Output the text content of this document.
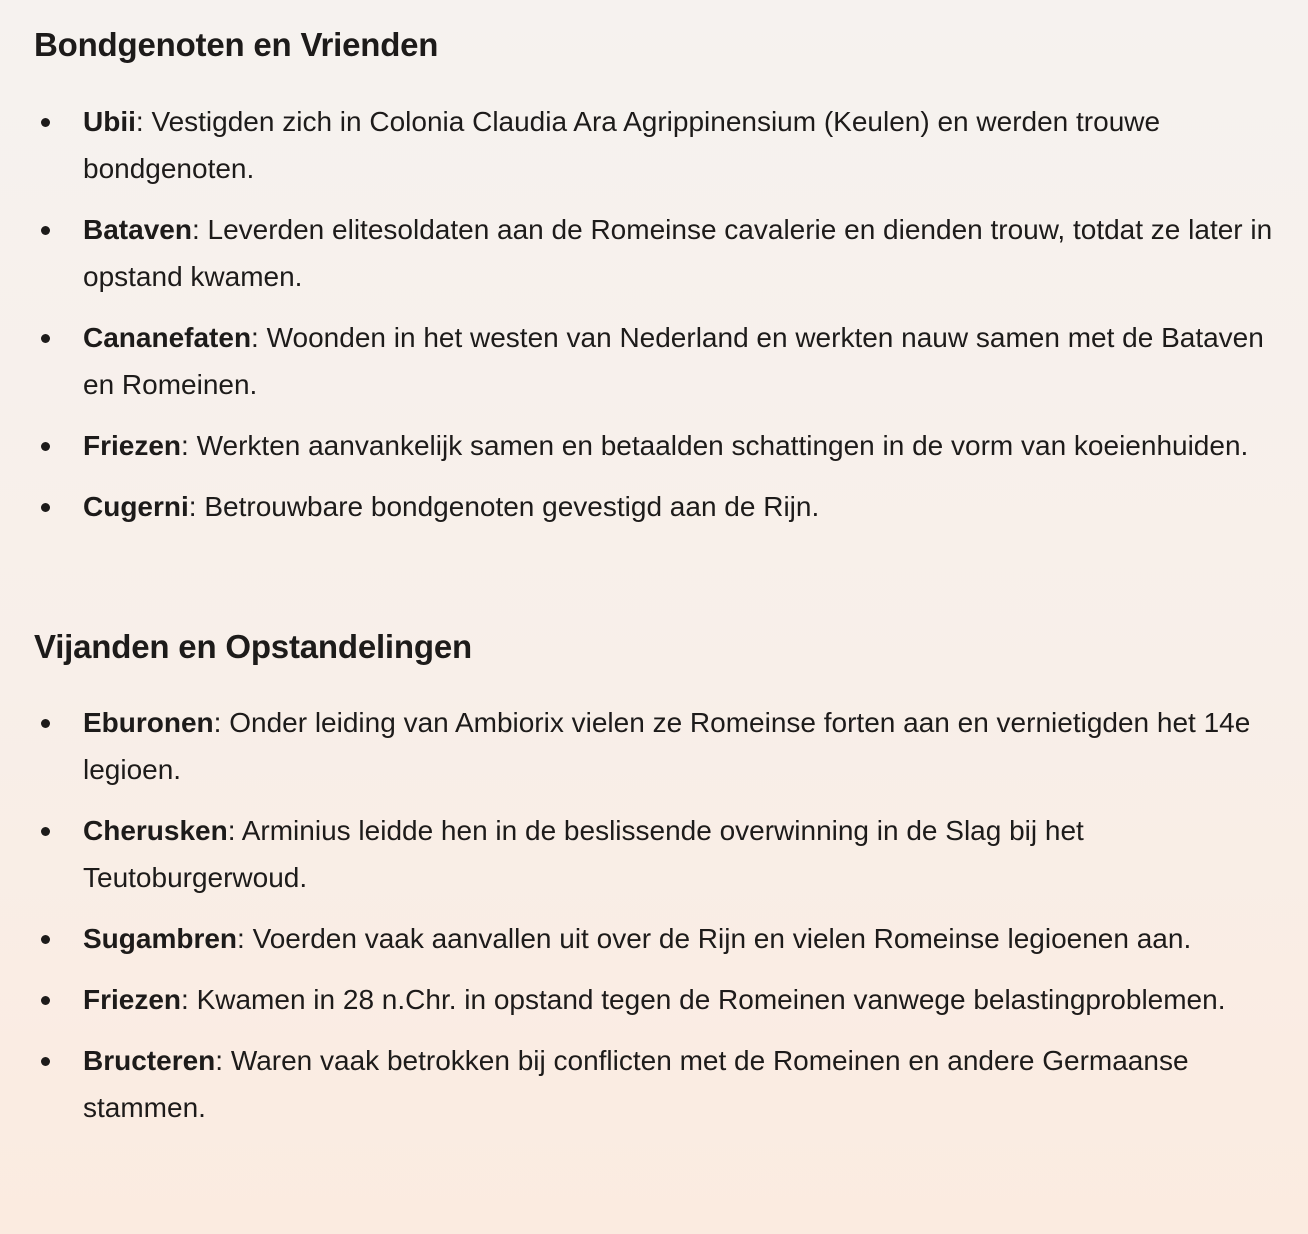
Bondgenoten en Vrienden
Ubii: Vestigden zich in Colonia Claudia Ara Agrippinensium (Keulen) en werden trouwe bondgenoten.
Bataven: Leverden elitesoldaten aan de Romeinse cavalerie en dienden trouw, totdat ze later in opstand kwamen.
Cananefaten: Woonden in het westen van Nederland en werkten nauw samen met de Bataven en Romeinen.
Friezen: Werkten aanvankelijk samen en betaalden schattingen in de vorm van koeienhuiden.
Cugerni: Betrouwbare bondgenoten gevestigd aan de Rijn.
Vijanden en Opstandelingen
Eburonen: Onder leiding van Ambiorix vielen ze Romeinse forten aan en vernietigden het 14e legioen.
Cherusken: Arminius leidde hen in de beslissende overwinning in de Slag bij het Teutoburgerwoud.
Sugambren: Voerden vaak aanvallen uit over de Rijn en vielen Romeinse legioenen aan.
Friezen: Kwamen in 28 n.Chr. in opstand tegen de Romeinen vanwege belastingproblemen.
Bructeren: Waren vaak betrokken bij conflicten met de Romeinen en andere Germaanse stammen.
